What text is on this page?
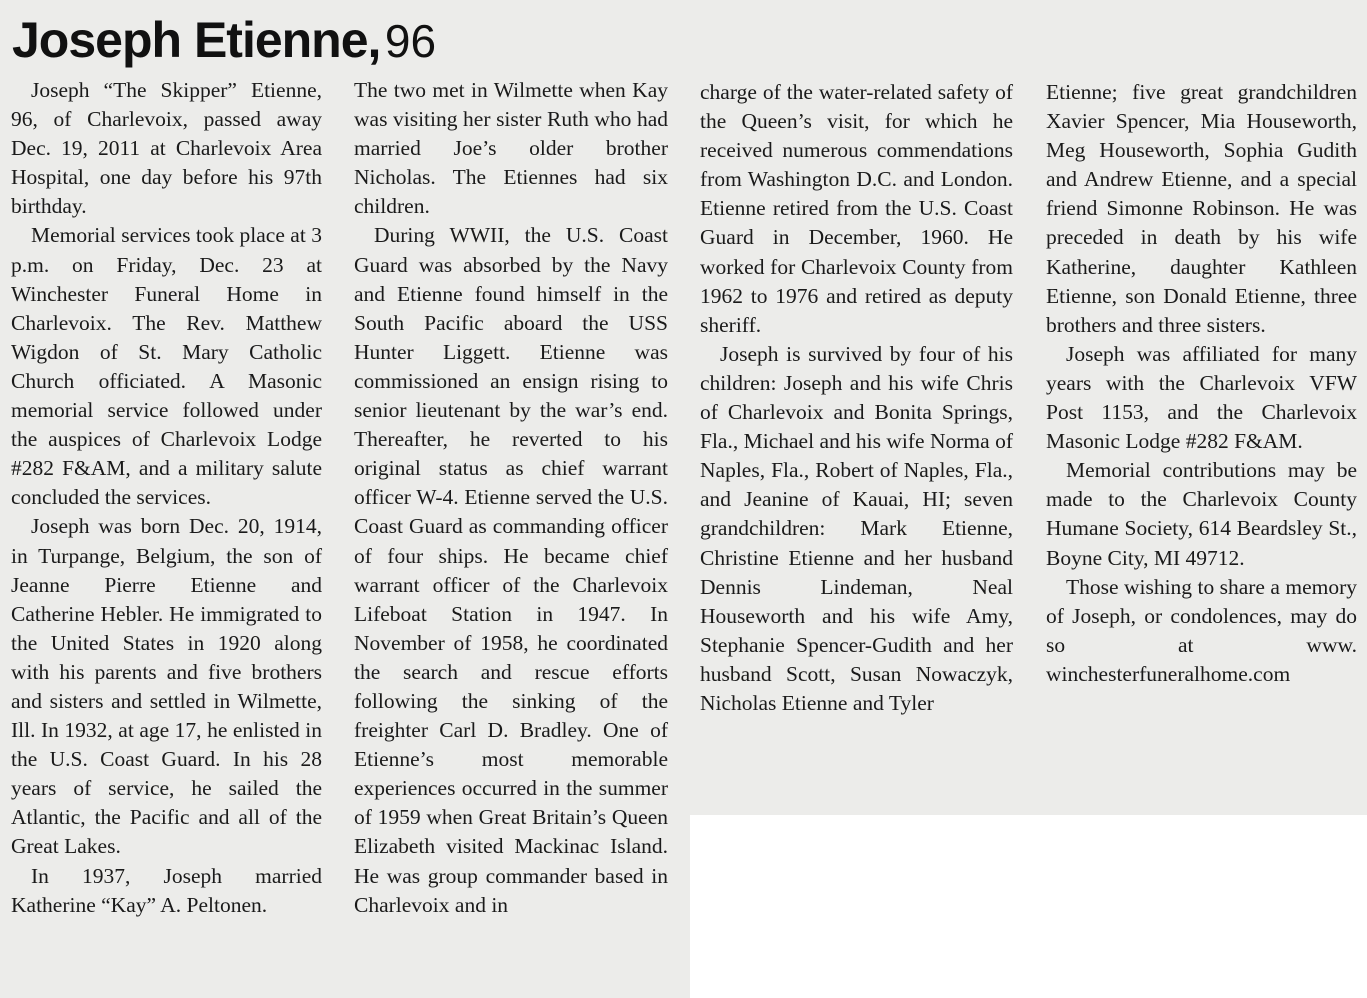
Joseph Etienne, 96

Joseph “The Skipper” Etienne, 96, of Charlevoix, passed away Dec. 19, 2011 at Charlevoix Area Hospital, one day before his 97th birthday.

Memorial services took place at 3 p.m. on Friday, Dec. 23 at Winchester Funeral Home in Charlevoix. The Rev. Matthew Wigdon of St. Mary Catholic Church officiated. A Masonic memorial service followed under the auspices of Charlevoix Lodge #282 F&AM, and a military salute concluded the services.

Joseph was born Dec. 20, 1914, in Turpange, Belgium, the son of Jeanne Pierre Etienne and Catherine Hebler. He immigrated to the United States in 1920 along with his parents and five brothers and sisters and settled in Wilmette, Ill. In 1932, at age 17, he enlisted in the U.S. Coast Guard. In his 28 years of service, he sailed the Atlantic, the Pacific and all of the Great Lakes.

In 1937, Joseph married Katherine “Kay” A. Peltonen.

The two met in Wilmette when Kay was visiting her sister Ruth who had married Joe’s older brother Nicholas. The Etiennes had six children.

During WWII, the U.S. Coast Guard was absorbed by the Navy and Etienne found himself in the South Pacific aboard the USS Hunter Liggett. Etienne was commissioned an ensign rising to senior lieutenant by the war’s end. Thereafter, he reverted to his original status as chief warrant officer W-4. Etienne served the U.S. Coast Guard as commanding officer of four ships. He became chief warrant officer of the Charlevoix Lifeboat Station in 1947. In November of 1958, he coordinated the search and rescue efforts following the sinking of the freighter Carl D. Bradley. One of Etienne’s most memorable experiences occurred in the summer of 1959 when Great Britain’s Queen Elizabeth visited Mackinac Island. He was group commander based in Charlevoix and in

charge of the water-related safety of the Queen’s visit, for which he received numerous commendations from Washington D.C. and London. Etienne retired from the U.S. Coast Guard in December, 1960. He worked for Charlevoix County from 1962 to 1976 and retired as deputy sheriff.

Joseph is survived by four of his children: Joseph and his wife Chris of Charlevoix and Bonita Springs, Fla., Michael and his wife Norma of Naples, Fla., Robert of Naples, Fla., and Jeanine of Kauai, HI; seven grandchildren: Mark Etienne, Christine Etienne and her husband Dennis Lindeman, Neal Houseworth and his wife Amy, Stephanie Spencer-Gudith and her husband Scott, Susan Nowaczyk, Nicholas Etienne and Tyler

Etienne; five great grandchildren Xavier Spencer, Mia Houseworth, Meg Houseworth, Sophia Gudith and Andrew Etienne, and a special friend Simonne Robinson. He was preceded in death by his wife Katherine, daughter Kathleen Etienne, son Donald Etienne, three brothers and three sisters.

Joseph was affiliated for many years with the Charlevoix VFW Post 1153, and the Charlevoix Masonic Lodge #282 F&AM.

Memorial contributions may be made to the Charlevoix County Humane Society, 614 Beardsley St., Boyne City, MI 49712.

Those wishing to share a memory of Joseph, or condolences, may do so at www. winchesterfuneralhome.com
